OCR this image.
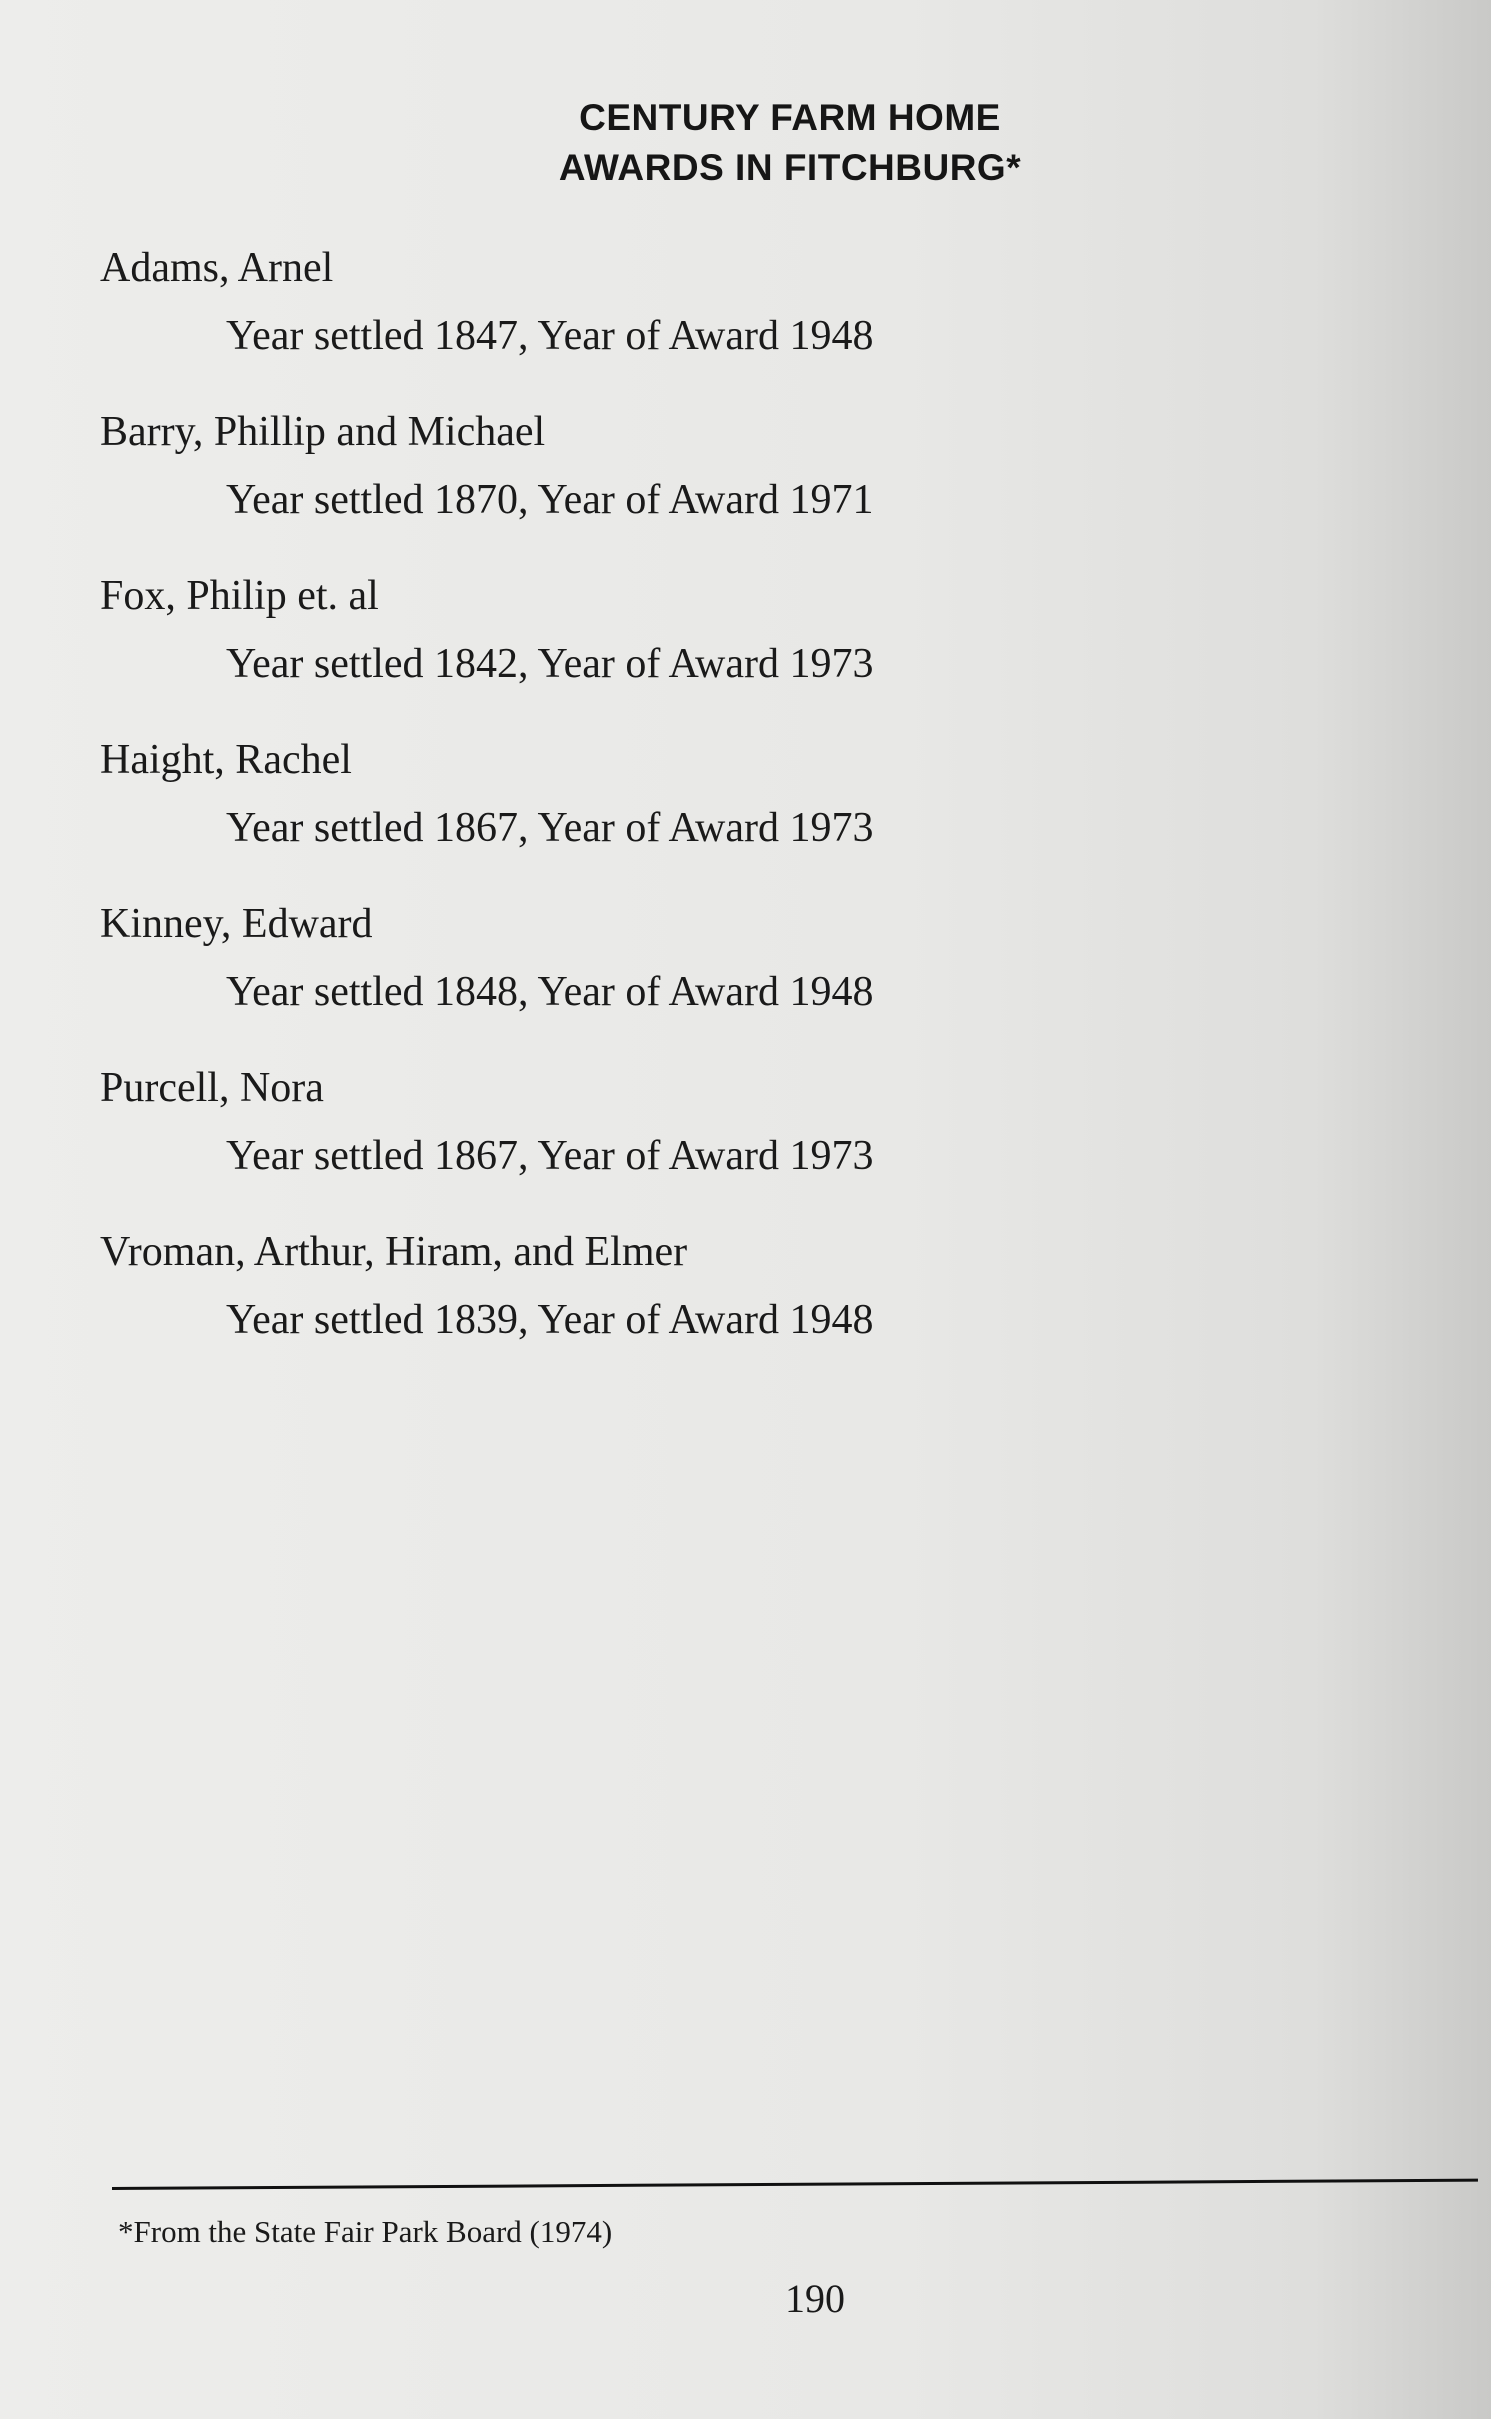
CENTURY FARM HOME
AWARDS IN FITCHBURG*
Adams, Arnel
Year settled 1847, Year of Award 1948
Barry, Phillip and Michael
Year settled 1870, Year of Award 1971
Fox, Philip et. al
Year settled 1842, Year of Award 1973
Haight, Rachel
Year settled 1867, Year of Award 1973
Kinney, Edward
Year settled 1848, Year of Award 1948
Purcell, Nora
Year settled 1867, Year of Award 1973
Vroman, Arthur, Hiram, and Elmer
Year settled 1839, Year of Award 1948
*From the State Fair Park Board (1974)
190
